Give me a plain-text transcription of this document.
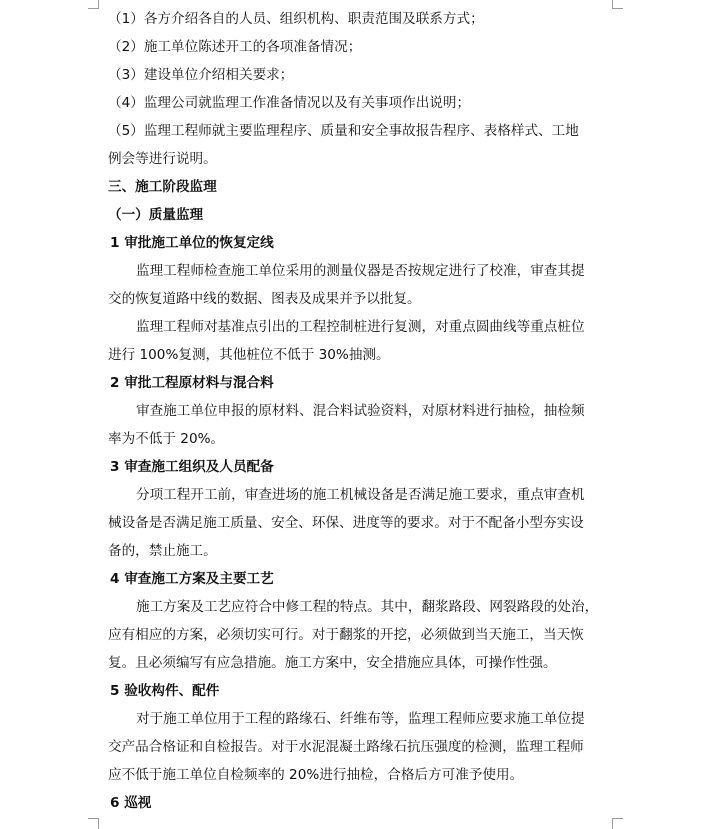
（1）各方介绍各自的人员、组织机构、职责范围及联系方式；
（2）施工单位陈述开工的各项准备情况；
（3）建设单位介绍相关要求；
（4）监理公司就监理工作准备情况以及有关事项作出说明；
（5）监理工程师就主要监理程序、质量和安全事故报告程序、表格样式、工地
例会等进行说明。
三、施工阶段监理
（一）质量监理
1 审批施工单位的恢复定线
监理工程师检查施工单位采用的测量仪器是否按规定进行了校准，审查其提
交的恢复道路中线的数据、图表及成果并予以批复。
监理工程师对基准点引出的工程控制桩进行复测，对重点圆曲线等重点桩位
进行 100%复测，其他桩位不低于 30%抽测。
2 审批工程原材料与混合料
审查施工单位申报的原材料、混合料试验资料，对原材料进行抽检，抽检频
率为不低于 20%。
3 审查施工组织及人员配备
分项工程开工前，审查进场的施工机械设备是否满足施工要求，重点审查机
械设备是否满足施工质量、安全、环保、进度等的要求。对于不配备小型夯实设
备的，禁止施工。
4 审查施工方案及主要工艺
施工方案及工艺应符合中修工程的特点。其中，翻浆路段、网裂路段的处治，
应有相应的方案，必须切实可行。对于翻浆的开挖，必须做到当天施工，当天恢
复。且必须编写有应急措施。施工方案中，安全措施应具体，可操作性强。
5 验收构件、配件
对于施工单位用于工程的路缘石、纤维布等，监理工程师应要求施工单位提
交产品合格证和自检报告。对于水泥混凝土路缘石抗压强度的检测，监理工程师
应不低于施工单位自检频率的 20%进行抽检，合格后方可准予使用。
6 巡视
